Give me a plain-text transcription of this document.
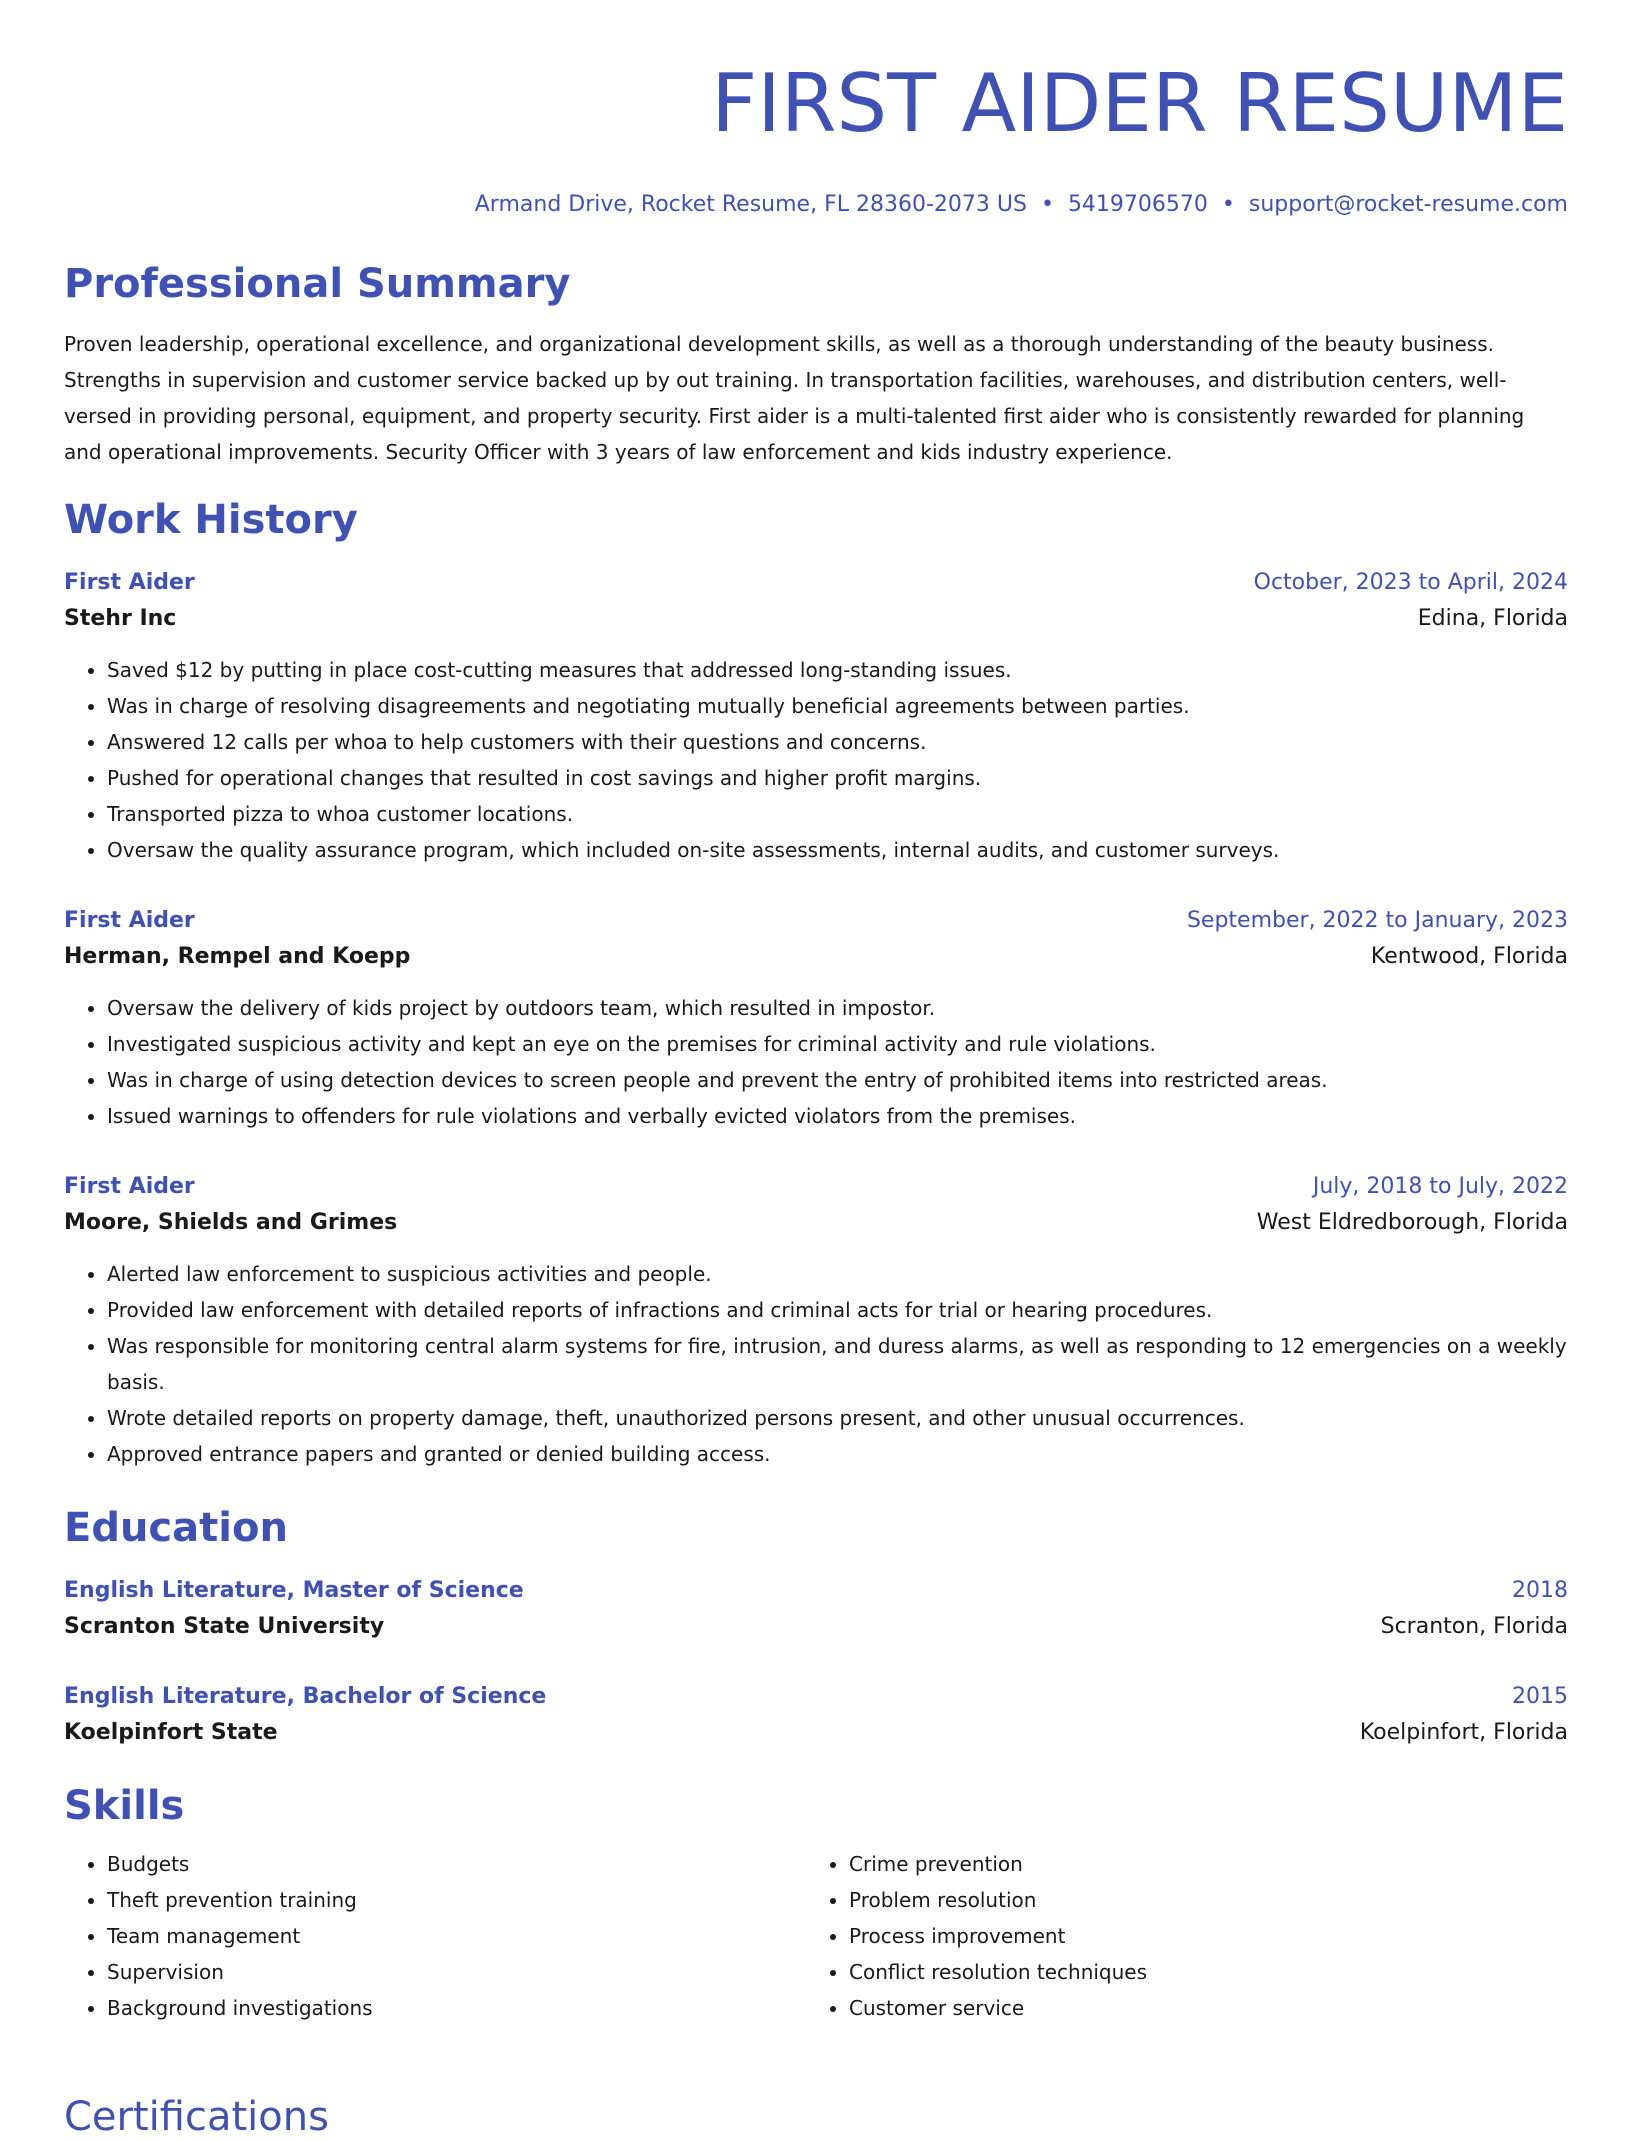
FIRST AIDER RESUME
Armand Drive, Rocket Resume, FL 28360-2073 US • 5419706570 • support@rocket-resume.com
Professional Summary
Proven leadership, operational excellence, and organizational development skills, as well as a thorough understanding of the beauty business. Strengths in supervision and customer service backed up by out training. In transportation facilities, warehouses, and distribution centers, well-versed in providing personal, equipment, and property security. First aider is a multi-talented first aider who is consistently rewarded for planning and operational improvements. Security Officer with 3 years of law enforcement and kids industry experience.
Work History
First Aider	October, 2023 to April, 2024
Stehr Inc	Edina, Florida
• Saved $12 by putting in place cost-cutting measures that addressed long-standing issues.
• Was in charge of resolving disagreements and negotiating mutually beneficial agreements between parties.
• Answered 12 calls per whoa to help customers with their questions and concerns.
• Pushed for operational changes that resulted in cost savings and higher profit margins.
• Transported pizza to whoa customer locations.
• Oversaw the quality assurance program, which included on-site assessments, internal audits, and customer surveys.
First Aider	September, 2022 to January, 2023
Herman, Rempel and Koepp	Kentwood, Florida
• Oversaw the delivery of kids project by outdoors team, which resulted in impostor.
• Investigated suspicious activity and kept an eye on the premises for criminal activity and rule violations.
• Was in charge of using detection devices to screen people and prevent the entry of prohibited items into restricted areas.
• Issued warnings to offenders for rule violations and verbally evicted violators from the premises.
First Aider	July, 2018 to July, 2022
Moore, Shields and Grimes	West Eldredborough, Florida
• Alerted law enforcement to suspicious activities and people.
• Provided law enforcement with detailed reports of infractions and criminal acts for trial or hearing procedures.
• Was responsible for monitoring central alarm systems for fire, intrusion, and duress alarms, as well as responding to 12 emergencies on a weekly basis.
• Wrote detailed reports on property damage, theft, unauthorized persons present, and other unusual occurrences.
• Approved entrance papers and granted or denied building access.
Education
English Literature, Master of Science	2018
Scranton State University	Scranton, Florida
English Literature, Bachelor of Science	2015
Koelpinfort State	Koelpinfort, Florida
Skills
• Budgets
• Theft prevention training
• Team management
• Supervision
• Background investigations
• Crime prevention
• Problem resolution
• Process improvement
• Conflict resolution techniques
• Customer service
Certifications
